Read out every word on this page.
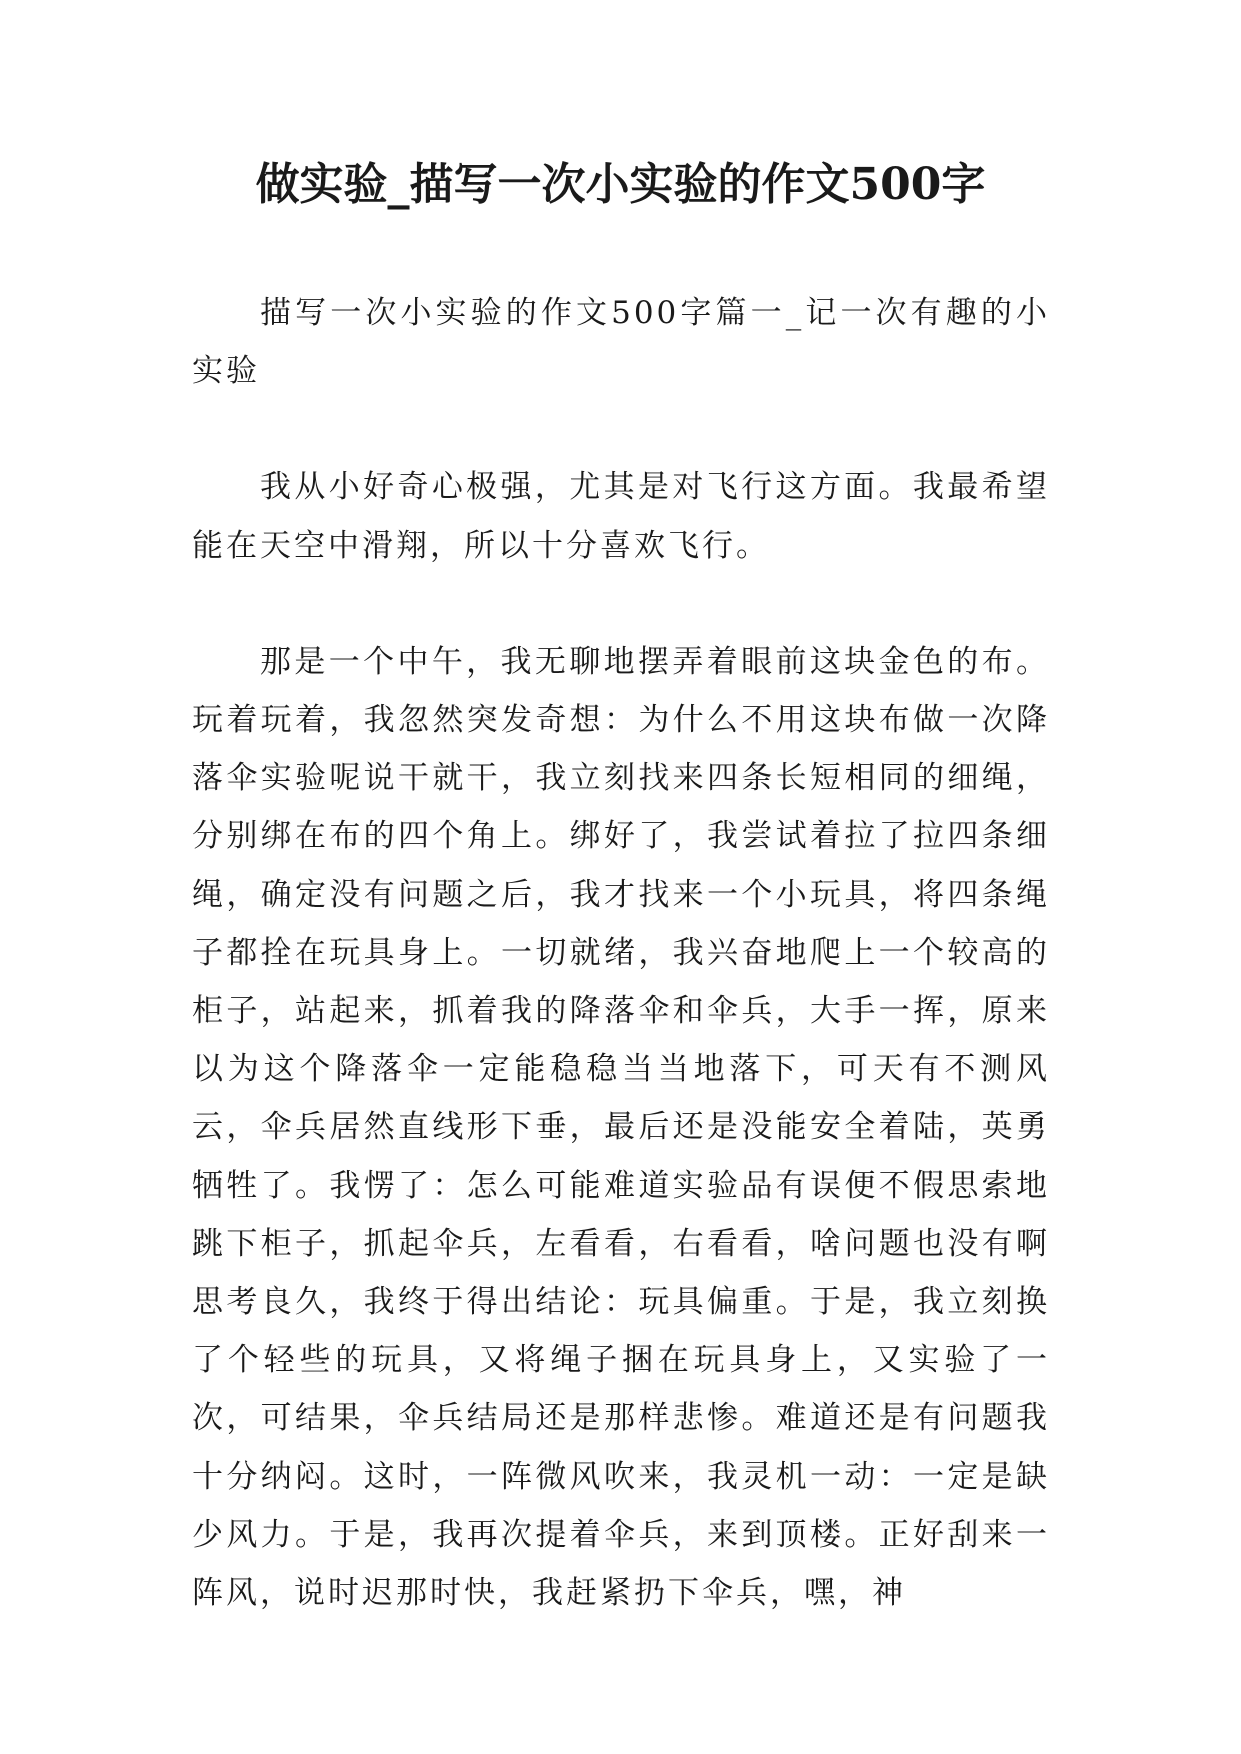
做实验_描写一次小实验的作文500字

描写一次小实验的作文500字篇一_记一次有趣的小实验

我从小好奇心极强，尤其是对飞行这方面。我最希望能在天空中滑翔，所以十分喜欢飞行。

那是一个中午，我无聊地摆弄着眼前这块金色的布。玩着玩着，我忽然突发奇想：为什么不用这块布做一次降落伞实验呢说干就干，我立刻找来四条长短相同的细绳，分别绑在布的四个角上。绑好了，我尝试着拉了拉四条细绳，确定没有问题之后，我才找来一个小玩具，将四条绳子都拴在玩具身上。一切就绪，我兴奋地爬上一个较高的柜子，站起来，抓着我的降落伞和伞兵，大手一挥，原来以为这个降落伞一定能稳稳当当地落下，可天有不测风云，伞兵居然直线形下垂，最后还是没能安全着陆，英勇牺牲了。我愣了：怎么可能难道实验品有误便不假思索地跳下柜子，抓起伞兵，左看看，右看看，啥问题也没有啊思考良久，我终于得出结论：玩具偏重。于是，我立刻换了个轻些的玩具，又将绳子捆在玩具身上，又实验了一次，可结果，伞兵结局还是那样悲惨。难道还是有问题我十分纳闷。这时，一阵微风吹来，我灵机一动：一定是缺少风力。于是，我再次提着伞兵，来到顶楼。正好刮来一阵风，说时迟那时快，我赶紧扔下伞兵，嘿，神
